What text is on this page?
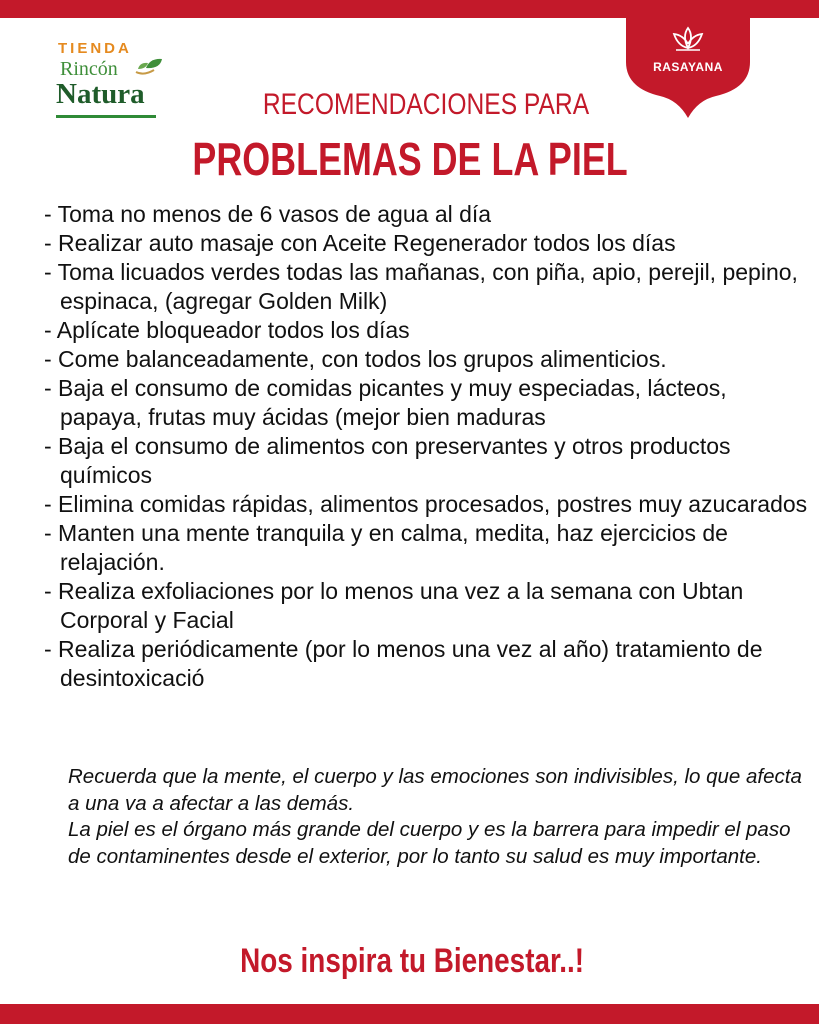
TIENDA
Rincón
Natura
RASAYANA
RECOMENDACIONES PARA
PROBLEMAS DE LA PIEL
- Toma no menos de 6 vasos de agua al día
- Realizar auto masaje con Aceite Regenerador todos los días
- Toma licuados verdes todas las mañanas, con piña, apio, perejil, pepino, espinaca, (agregar Golden Milk)
- Aplícate bloqueador todos los días
- Come balanceadamente, con todos los grupos alimenticios.
- Baja el consumo de comidas picantes y muy especiadas, lácteos, papaya, frutas muy ácidas (mejor bien maduras
- Baja el consumo de alimentos con preservantes y otros productos químicos
- Elimina comidas rápidas, alimentos procesados, postres muy azucarados
- Manten una mente tranquila y en calma, medita, haz ejercicios de relajación.
- Realiza exfoliaciones por lo menos una vez a la semana con Ubtan Corporal y Facial
- Realiza periódicamente (por lo menos una vez al año) tratamiento de desintoxicació

Recuerda que la mente, el cuerpo y las emociones son indivisibles, lo que afecta a una va a afectar a las demás.

La piel es el órgano más grande del cuerpo y es la barrera para impedir el paso de contaminentes desde el exterior, por lo tanto su salud es muy importante.

Nos inspira tu Bienestar..!
